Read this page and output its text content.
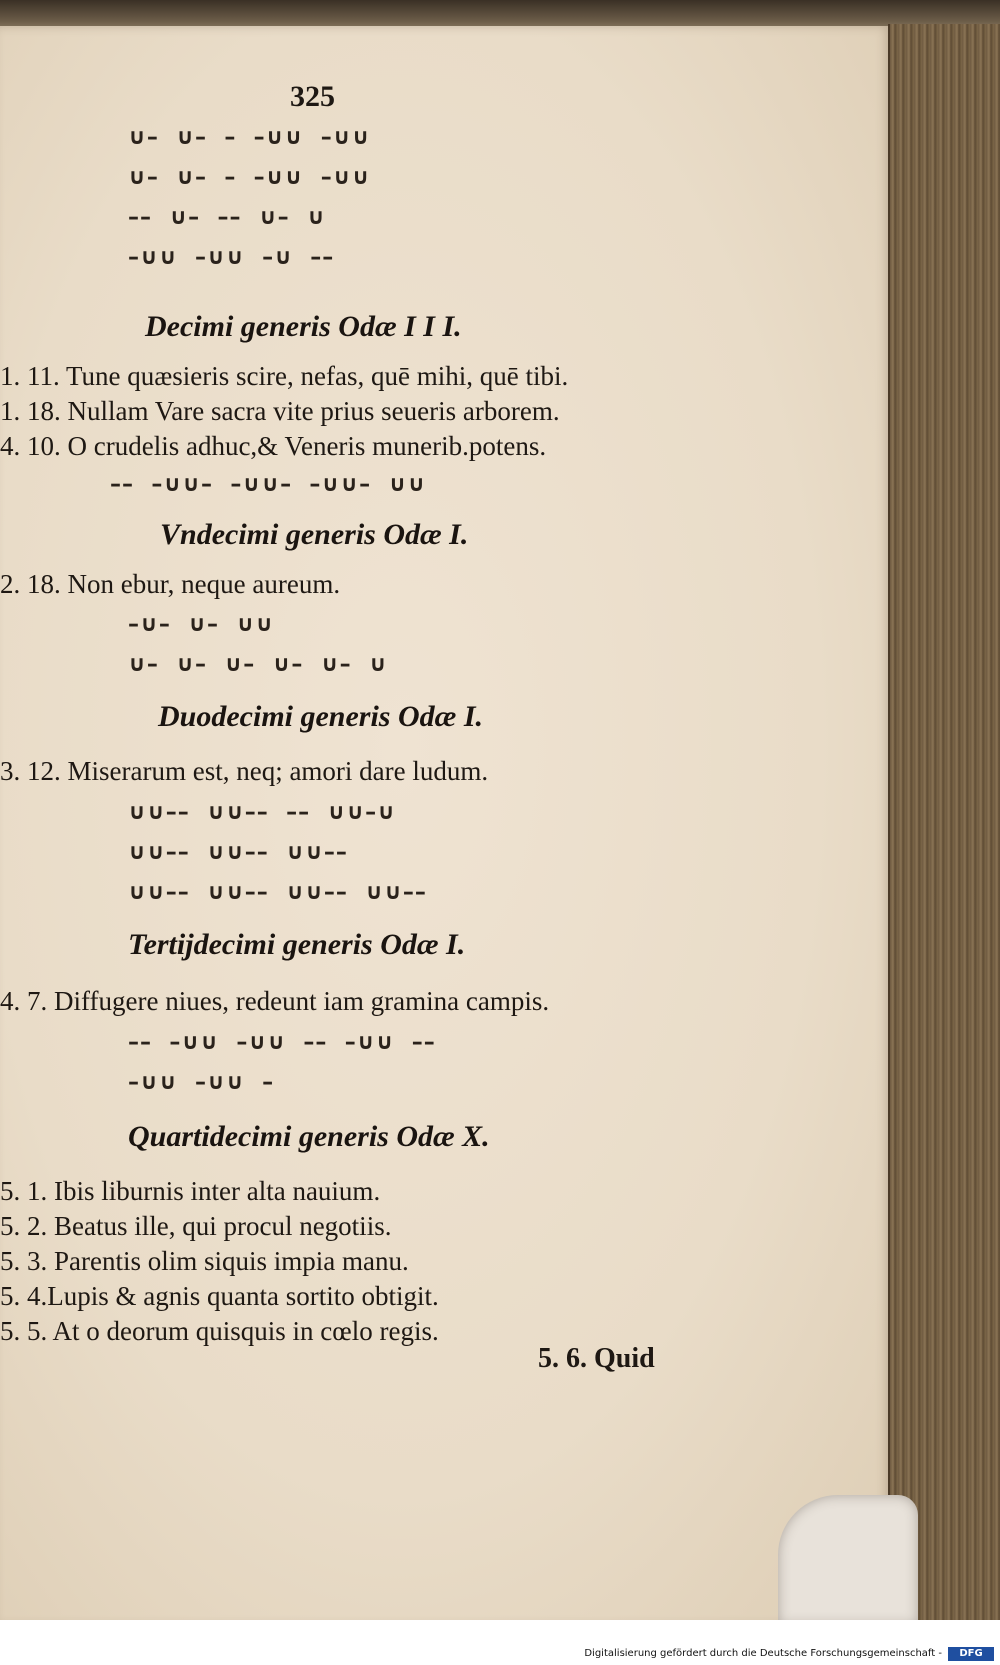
325
∪–  ∪–  –  –∪∪  –∪∪
∪–  ∪–  –  –∪∪  –∪∪
––  ∪–  ––  ∪–  ∪
–∪∪  –∪∪  –∪  ––
Decimi generis Odæ I I I.
1. 11. Tune quæsieris scire, nefas, quē mihi, quē tibi.
1. 18. Nullam Vare sacra vite prius seueris arborem.
4. 10. O crudelis adhuc,& Veneris munerib.potens.
––  –∪∪–  –∪∪–  –∪∪–  ∪∪
Vndecimi generis Odæ I.
2. 18. Non ebur, neque aureum.
–∪–  ∪–  ∪∪
∪–  ∪–  ∪–  ∪–  ∪–  ∪
Duodecimi generis Odæ I.
3. 12. Miserarum est, neq; amori dare ludum.
∪∪––  ∪∪––  ––  ∪∪–∪
∪∪––  ∪∪––  ∪∪––
∪∪––  ∪∪––  ∪∪––  ∪∪––
Tertijdecimi generis Odæ I.
4. 7. Diffugere niues, redeunt iam gramina campis.
––  –∪∪  –∪∪  ––  –∪∪  ––
–∪∪  –∪∪  –
Quartidecimi generis Odæ X.
5. 1. Ibis liburnis inter alta nauium.
5. 2. Beatus ille, qui procul negotiis.
5. 3. Parentis olim siquis impia manu.
5. 4.Lupis & agnis quanta sortito obtigit.
5. 5. At o deorum quisquis in cœlo regis.
5. 6. Quid
Digitalisierung gefördert durch die Deutsche Forschungsgemeinschaft -	DFG
